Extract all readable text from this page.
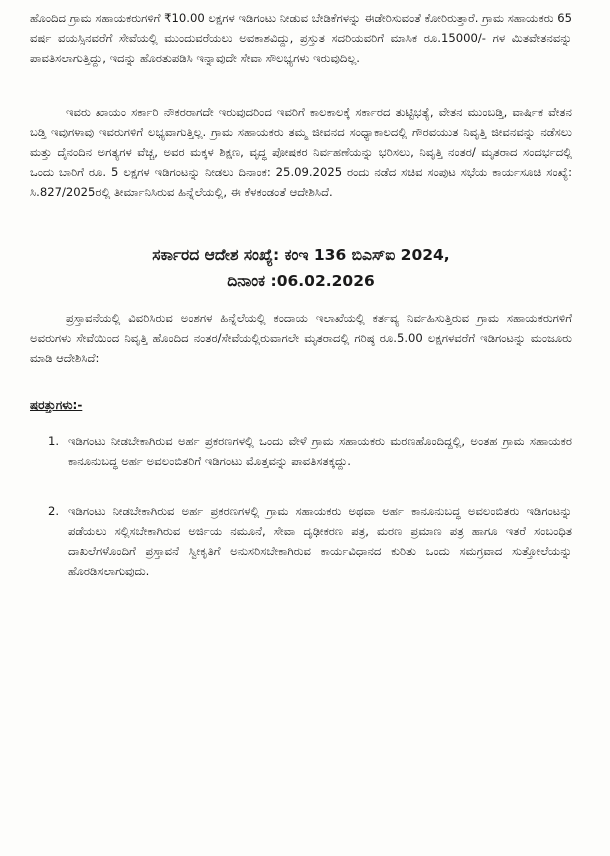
ಹೊಂದಿದ ಗ್ರಾಮ ಸಹಾಯಕರುಗಳಿಗೆ ₹10.00 ಲಕ್ಷಗಳ ಇಡಿಗಂಟು ನೀಡುವ ಬೇಡಿಕೆಗಳನ್ನು ಈಡೇರಿಸುವಂತೆ ಕೋರಿರುತ್ತಾರೆ. ಗ್ರಾಮ ಸಹಾಯಕರು 65 ವರ್ಷ ವಯಸ್ಸಿನವರೆಗೆ ಸೇವೆಯಲ್ಲಿ ಮುಂದುವರೆಯಲು ಅವಕಾಶವಿದ್ದು, ಪ್ರಸ್ತುತ ಸದರಿಯವರಿಗೆ ಮಾಸಿಕ ರೂ.15000/- ಗಳ ಮಿತವೇತನವನ್ನು ಪಾವತಿಸಲಾಗುತ್ತಿದ್ದು, ಇದನ್ನು ಹೊರತುಪಡಿಸಿ ಇನ್ನಾವುದೇ ಸೇವಾ ಸೌಲಭ್ಯಗಳು ಇರುವುದಿಲ್ಲ.

ಇವರು ಖಾಯಂ ಸರ್ಕಾರಿ ನೌಕರರಾಗದೇ ಇರುವುದರಿಂದ ಇವರಿಗೆ ಕಾಲಕಾಲಕ್ಕೆ ಸರ್ಕಾರದ ತುಟ್ಟಿಭತ್ಯೆ, ವೇತನ ಮುಂಬಡ್ತಿ, ವಾರ್ಷಿಕ ವೇತನ ಬಡ್ತಿ ಇವುಗಳಾವು ಇವರುಗಳಿಗೆ ಲಭ್ಯವಾಗುತ್ತಿಲ್ಲ. ಗ್ರಾಮ ಸಹಾಯಕರು ತಮ್ಮ ಜೀವನದ ಸಂಧ್ಯಾಕಾಲದಲ್ಲಿ ಗೌರವಯುತ ನಿವೃತ್ತಿ ಜೀವನವನ್ನು ನಡೆಸಲು ಮತ್ತು ದೈನಂದಿನ ಅಗತ್ಯಗಳ ವೆಚ್ಚ, ಅವರ ಮಕ್ಕಳ ಶಿಕ್ಷಣ, ವೃದ್ಧ ಪೋಷಕರ ನಿರ್ವಹಣೆಯನ್ನು ಭರಿಸಲು, ನಿವೃತ್ತಿ ನಂತರ/ ಮೃತರಾದ ಸಂದರ್ಭದಲ್ಲಿ ಒಂದು ಬಾರಿಗೆ ರೂ. 5 ಲಕ್ಷಗಳ ಇಡಿಗಂಟನ್ನು ನೀಡಲು ದಿನಾಂಕ: 25.09.2025 ರಂದು ನಡೆದ ಸಚಿವ ಸಂಪುಟ ಸಭೆಯ ಕಾರ್ಯಸೂಚಿ ಸಂಖ್ಯೆ: ಸಿ.827/2025ರಲ್ಲಿ ತೀರ್ಮಾನಿಸಿರುವ ಹಿನ್ನೆಲೆಯಲ್ಲಿ, ಈ ಕೆಳಕಂಡಂತೆ ಆದೇಶಿಸಿದೆ.

ಸರ್ಕಾರದ ಆದೇಶ ಸಂಖ್ಯೆ: ಕಂಇ 136 ಬಿಎಸ್‌ಐ 2024,
ದಿನಾಂಕ :06.02.2026

ಪ್ರಸ್ತಾವನೆಯಲ್ಲಿ ವಿವರಿಸಿರುವ ಅಂಶಗಳ ಹಿನ್ನೆಲೆಯಲ್ಲಿ ಕಂದಾಯ ಇಲಾಖೆಯಲ್ಲಿ ಕರ್ತವ್ಯ ನಿರ್ವಹಿಸುತ್ತಿರುವ ಗ್ರಾಮ ಸಹಾಯಕರುಗಳಿಗೆ ಅವರುಗಳು ಸೇವೆಯಿಂದ ನಿವೃತ್ತಿ ಹೊಂದಿದ ನಂತರ/ಸೇವೆಯಲ್ಲಿರುವಾಗಲೇ ಮೃತರಾದಲ್ಲಿ ಗರಿಷ್ಠ ರೂ.5.00 ಲಕ್ಷಗಳವರೆಗೆ ಇಡಿಗಂಟನ್ನು ಮಂಜೂರು ಮಾಡಿ ಆದೇಶಿಸಿದೆ:

ಷರತ್ತುಗಳು:-
1. ಇಡಿಗಂಟು ನೀಡಬೇಕಾಗಿರುವ ಅರ್ಹ ಪ್ರಕರಣಗಳಲ್ಲಿ ಒಂದು ವೇಳೆ ಗ್ರಾಮ ಸಹಾಯಕರು ಮರಣಹೊಂದಿದ್ದಲ್ಲಿ, ಅಂತಹ ಗ್ರಾಮ ಸಹಾಯಕರ ಕಾನೂನುಬದ್ಧ ಅರ್ಹ ಅವಲಂಬಿತರಿಗೆ ಇಡಿಗಂಟು ಮೊತ್ತವನ್ನು ಪಾವತಿಸತಕ್ಕದ್ದು.
2. ಇಡಿಗಂಟು ನೀಡಬೇಕಾಗಿರುವ ಅರ್ಹ ಪ್ರಕರಣಗಳಲ್ಲಿ ಗ್ರಾಮ ಸಹಾಯಕರು ಅಥವಾ ಅರ್ಹ ಕಾನೂನುಬದ್ಧ ಅವಲಂಬಿತರು ಇಡಿಗಂಟನ್ನು ಪಡೆಯಲು ಸಲ್ಲಿಸಬೇಕಾಗಿರುವ ಅರ್ಜಿಯ ನಮೂನೆ, ಸೇವಾ ದೃಢೀಕರಣ ಪತ್ರ, ಮರಣ ಪ್ರಮಾಣ ಪತ್ರ ಹಾಗೂ ಇತರೆ ಸಂಬಂಧಿತ ದಾಖಲೆಗಳೊಂದಿಗೆ ಪ್ರಸ್ತಾವನೆ ಸ್ವೀಕೃತಿಗೆ ಅನುಸರಿಸಬೇಕಾಗಿರುವ ಕಾರ್ಯವಿಧಾನದ ಕುರಿತು ಒಂದು ಸಮಗ್ರವಾದ ಸುತ್ತೋಲೆಯನ್ನು ಹೊರಡಿಸಲಾಗುವುದು.
